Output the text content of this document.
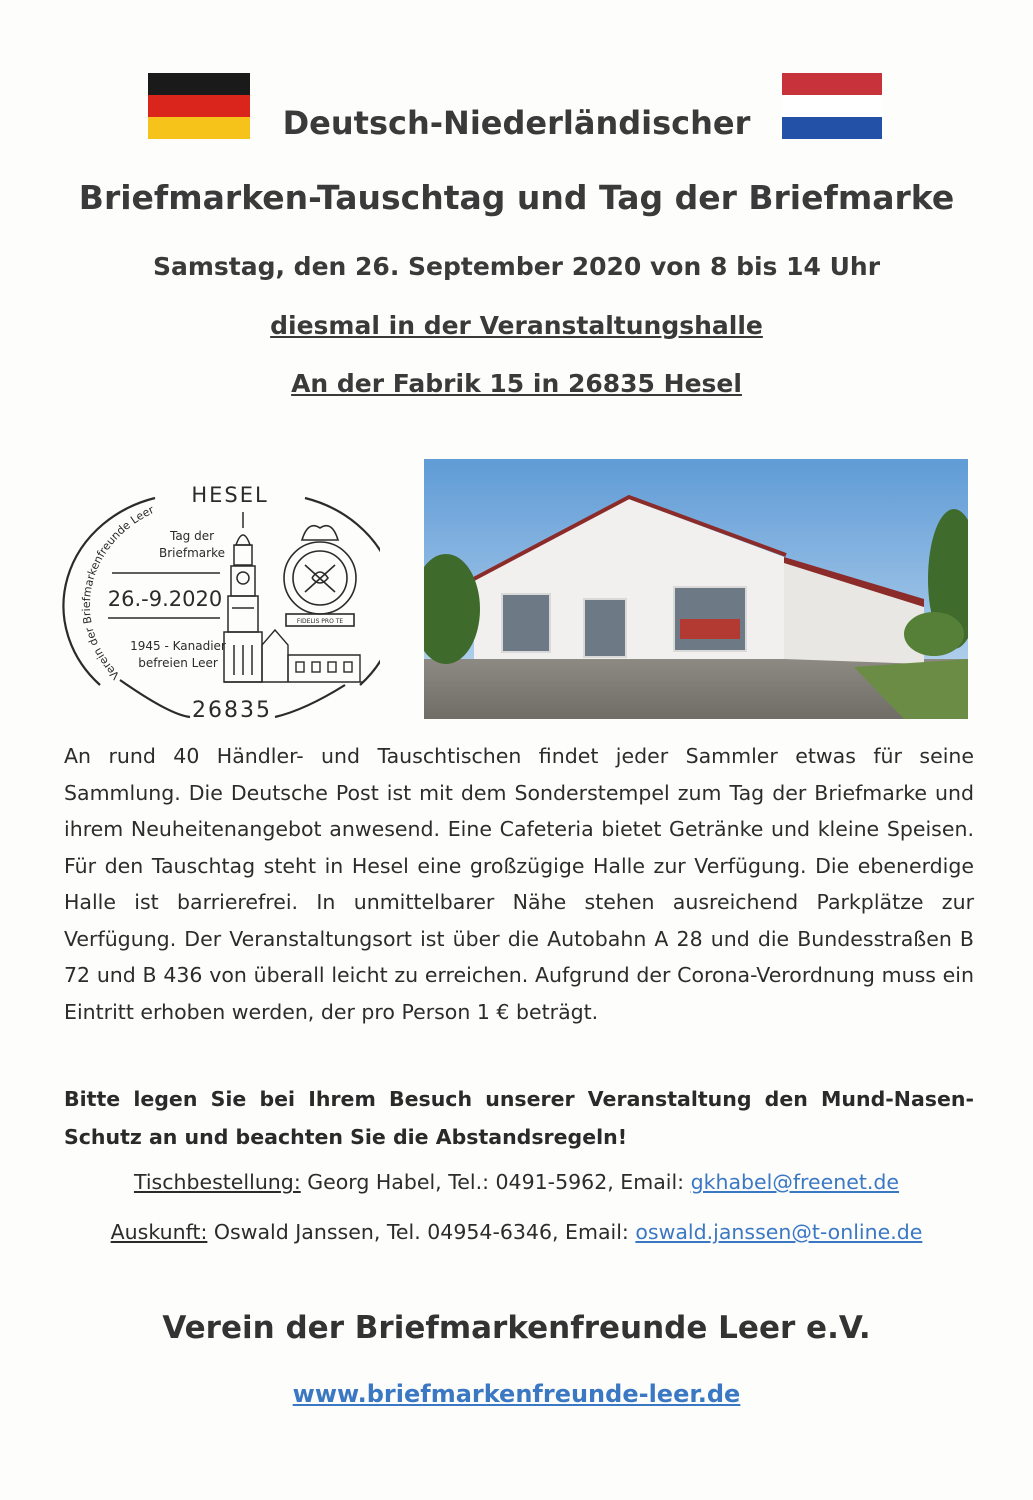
Deutsch-Niederländischer
Briefmarken-Tauschtag und Tag der Briefmarke
Samstag, den 26. September 2020 von 8 bis 14 Uhr
diesmal in der Veranstaltungshalle
An der Fabrik 15 in 26835 Hesel
Verein der Briefmarkenfreunde Leer
HESEL
Tag der
Briefmarke
26.-9.2020
1945 - Kanadier
befreien Leer
26835
FIDELIS PRO TE
An rund 40 Händler- und Tauschtischen findet jeder Sammler etwas für seine Sammlung. Die Deutsche Post ist mit dem Sonderstempel zum Tag der Briefmarke und ihrem Neuheitenangebot anwesend. Eine Cafeteria bietet Getränke und kleine Speisen. Für den Tauschtag steht in Hesel eine großzügige Halle zur Verfügung. Die ebenerdige Halle ist barrierefrei. In unmittelbarer Nähe stehen ausreichend Parkplätze zur Verfügung. Der Veranstaltungsort ist über die Autobahn A 28 und die Bundesstraßen B 72 und B 436 von überall leicht zu erreichen. Aufgrund der Corona-Verordnung muss ein Eintritt erhoben werden, der pro Person 1 € beträgt.
Bitte legen Sie bei Ihrem Besuch unserer Veranstaltung den Mund-Nasen-Schutz an und beachten Sie die Abstandsregeln!
Tischbestellung: Georg Habel, Tel.: 0491-5962, Email: gkhabel@freenet.de
Auskunft: Oswald Janssen, Tel. 04954-6346, Email: oswald.janssen@t-online.de
Verein der Briefmarkenfreunde Leer e.V.
www.briefmarkenfreunde-leer.de
